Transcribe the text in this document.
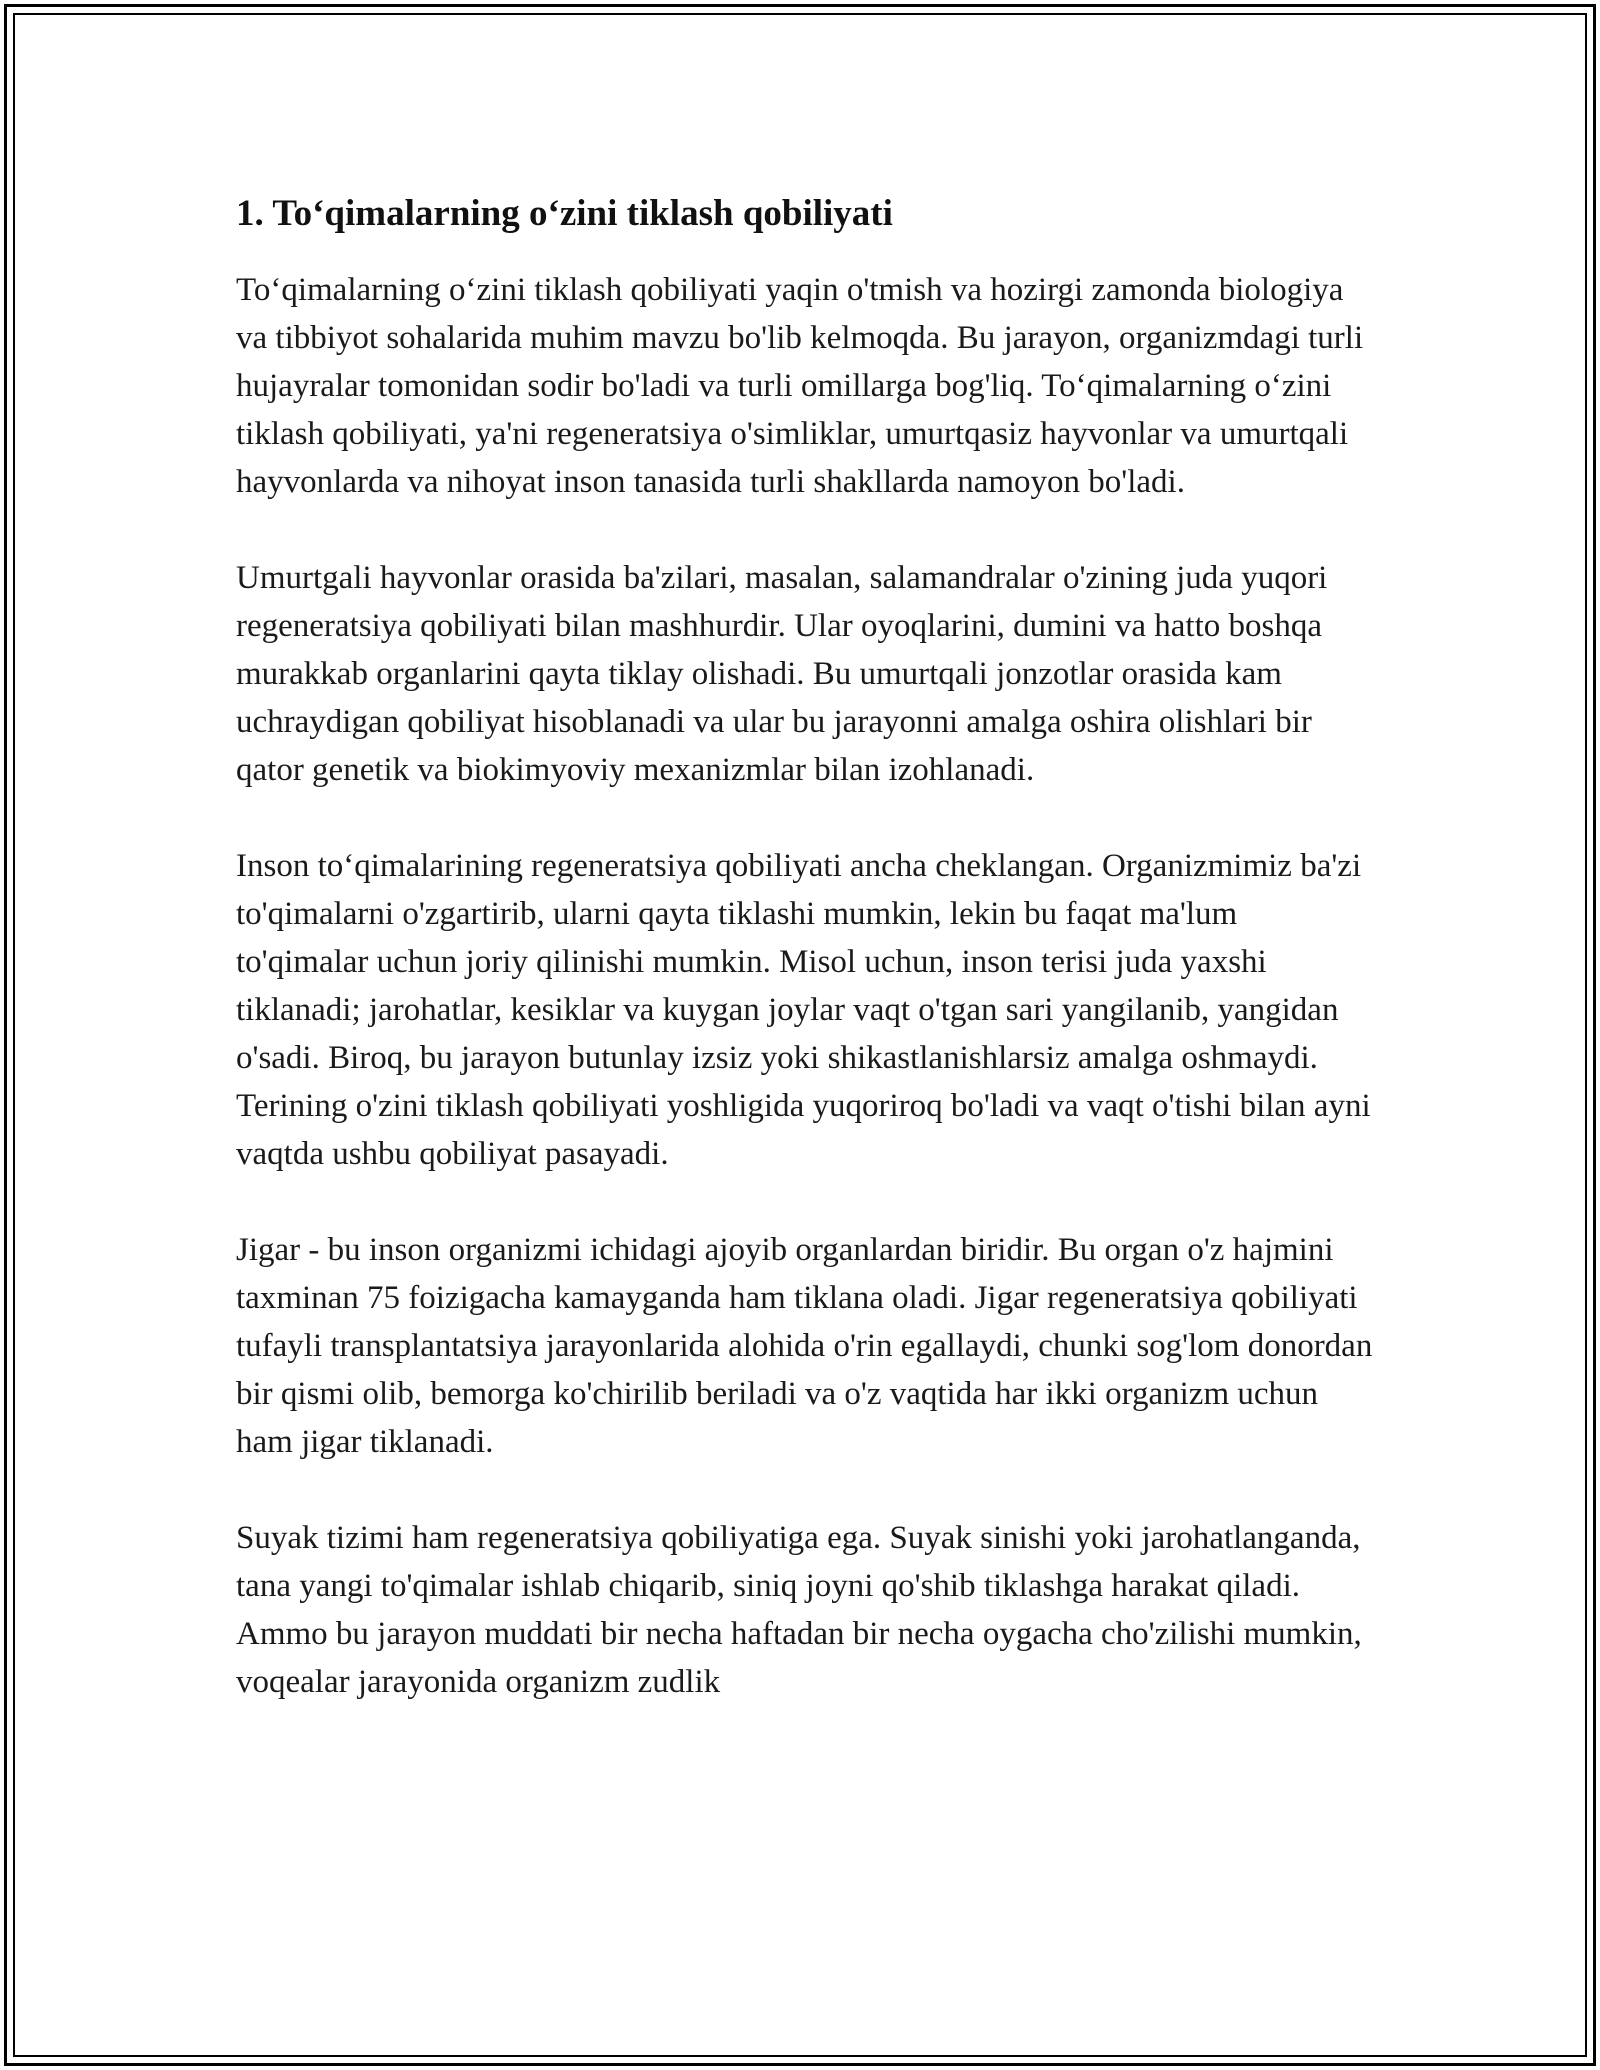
1. To‘qimalarning o‘zini tiklash qobiliyati

To‘qimalarning o‘zini tiklash qobiliyati yaqin o'tmish va hozirgi zamonda biologiya va tibbiyot sohalarida muhim mavzu bo'lib kelmoqda. Bu jarayon, organizmdagi turli hujayralar tomonidan sodir bo'ladi va turli omillarga bog'liq. To‘qimalarning o‘zini tiklash qobiliyati, ya'ni regeneratsiya o'simliklar, umurtqasiz hayvonlar va umurtqali hayvonlarda va nihoyat inson tanasida turli shakllarda namoyon bo'ladi.

Umurtgali hayvonlar orasida ba'zilari, masalan, salamandralar o'zining juda yuqori regeneratsiya qobiliyati bilan mashhurdir. Ular oyoqlarini, dumini va hatto boshqa murakkab organlarini qayta tiklay olishadi. Bu umurtqali jonzotlar orasida kam uchraydigan qobiliyat hisoblanadi va ular bu jarayonni amalga oshira olishlari bir qator genetik va biokimyoviy mexanizmlar bilan izohlanadi.

Inson to‘qimalarining regeneratsiya qobiliyati ancha cheklangan. Organizmimiz ba'zi to'qimalarni o'zgartirib, ularni qayta tiklashi mumkin, lekin bu faqat ma'lum to'qimalar uchun joriy qilinishi mumkin. Misol uchun, inson terisi juda yaxshi tiklanadi; jarohatlar, kesiklar va kuygan joylar vaqt o'tgan sari yangilanib, yangidan o'sadi. Biroq, bu jarayon butunlay izsiz yoki shikastlanishlarsiz amalga oshmaydi. Terining o'zini tiklash qobiliyati yoshligida yuqoriroq bo'ladi va vaqt o'tishi bilan ayni vaqtda ushbu qobiliyat pasayadi.

Jigar - bu inson organizmi ichidagi ajoyib organlardan biridir. Bu organ o'z hajmini taxminan 75 foizigacha kamayganda ham tiklana oladi. Jigar regeneratsiya qobiliyati tufayli transplantatsiya jarayonlarida alohida o'rin egallaydi, chunki sog'lom donordan bir qismi olib, bemorga ko'chirilib beriladi va o'z vaqtida har ikki organizm uchun ham jigar tiklanadi.

Suyak tizimi ham regeneratsiya qobiliyatiga ega. Suyak sinishi yoki jarohatlanganda, tana yangi to'qimalar ishlab chiqarib, siniq joyni qo'shib tiklashga harakat qiladi. Ammo bu jarayon muddati bir necha haftadan bir necha oygacha cho'zilishi mumkin, voqealar jarayonida organizm zudlik
